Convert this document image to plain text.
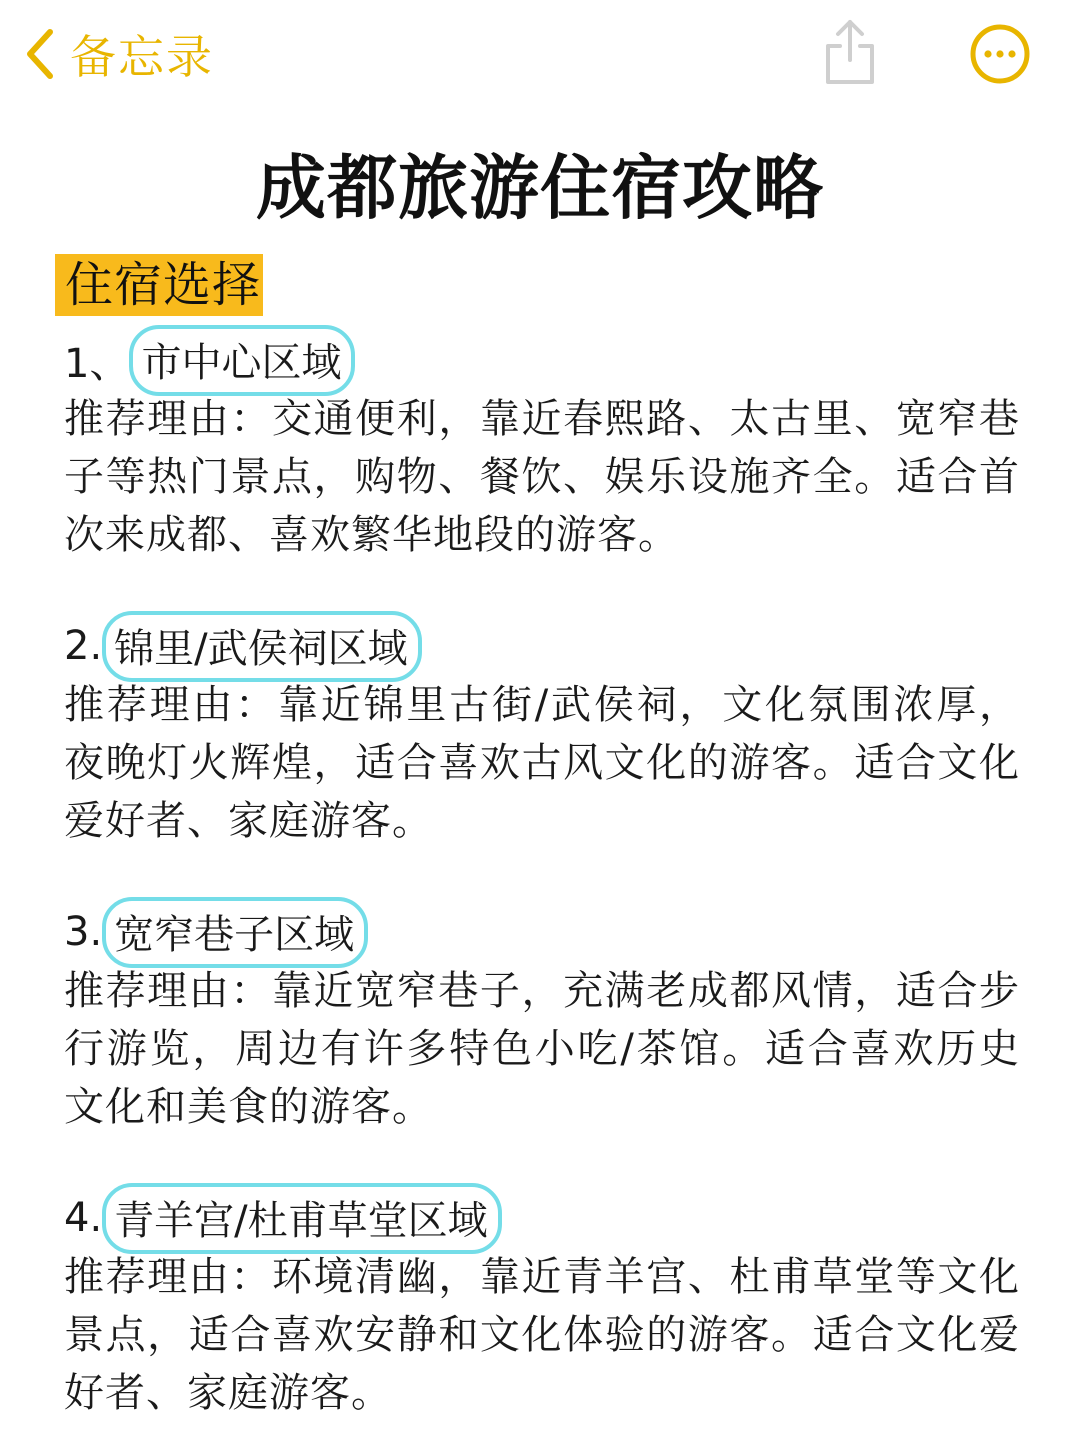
备忘录
成都旅游住宿攻略
住宿选择
1、 市中心区域
推荐理由：交通便利，靠近春熙路、太古里、宽窄巷子等热门景点，购物、餐饮、娱乐设施齐全。适合首次来成都、喜欢繁华地段的游客。
2. 锦里/武侯祠区域
推荐理由：靠近锦里古街/武侯祠，文化氛围浓厚，夜晚灯火辉煌，适合喜欢古风文化的游客。适合文化爱好者、家庭游客。
3. 宽窄巷子区域
推荐理由：靠近宽窄巷子，充满老成都风情，适合步行游览，周边有许多特色小吃/茶馆。适合喜欢历史文化和美食的游客。
4. 青羊宫/杜甫草堂区域
推荐理由：环境清幽，靠近青羊宫、杜甫草堂等文化景点，适合喜欢安静和文化体验的游客。适合文化爱好者、家庭游客。
